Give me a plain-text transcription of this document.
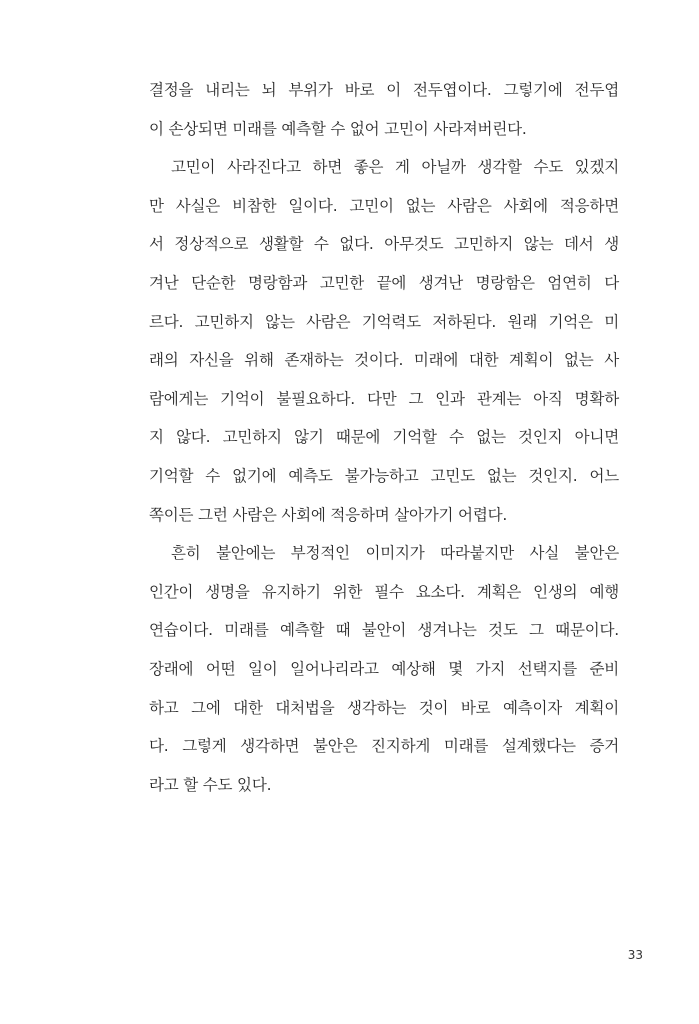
결정을 내리는 뇌 부위가 바로 이 전두엽이다. 그렇기에 전두엽
이 손상되면 미래를 예측할 수 없어 고민이 사라져버린다.
고민이 사라진다고 하면 좋은 게 아닐까 생각할 수도 있겠지
만 사실은 비참한 일이다. 고민이 없는 사람은 사회에 적응하면
서 정상적으로 생활할 수 없다. 아무것도 고민하지 않는 데서 생
겨난 단순한 명랑함과 고민한 끝에 생겨난 명랑함은 엄연히 다
르다. 고민하지 않는 사람은 기억력도 저하된다. 원래 기억은 미
래의 자신을 위해 존재하는 것이다. 미래에 대한 계획이 없는 사
람에게는 기억이 불필요하다. 다만 그 인과 관계는 아직 명확하
지 않다. 고민하지 않기 때문에 기억할 수 없는 것인지 아니면
기억할 수 없기에 예측도 불가능하고 고민도 없는 것인지. 어느
쪽이든 그런 사람은 사회에 적응하며 살아가기 어렵다.
흔히 불안에는 부정적인 이미지가 따라붙지만 사실 불안은
인간이 생명을 유지하기 위한 필수 요소다. 계획은 인생의 예행
연습이다. 미래를 예측할 때 불안이 생겨나는 것도 그 때문이다.
장래에 어떤 일이 일어나리라고 예상해 몇 가지 선택지를 준비
하고 그에 대한 대처법을 생각하는 것이 바로 예측이자 계획이
다. 그렇게 생각하면 불안은 진지하게 미래를 설계했다는 증거
라고 할 수도 있다.
33
